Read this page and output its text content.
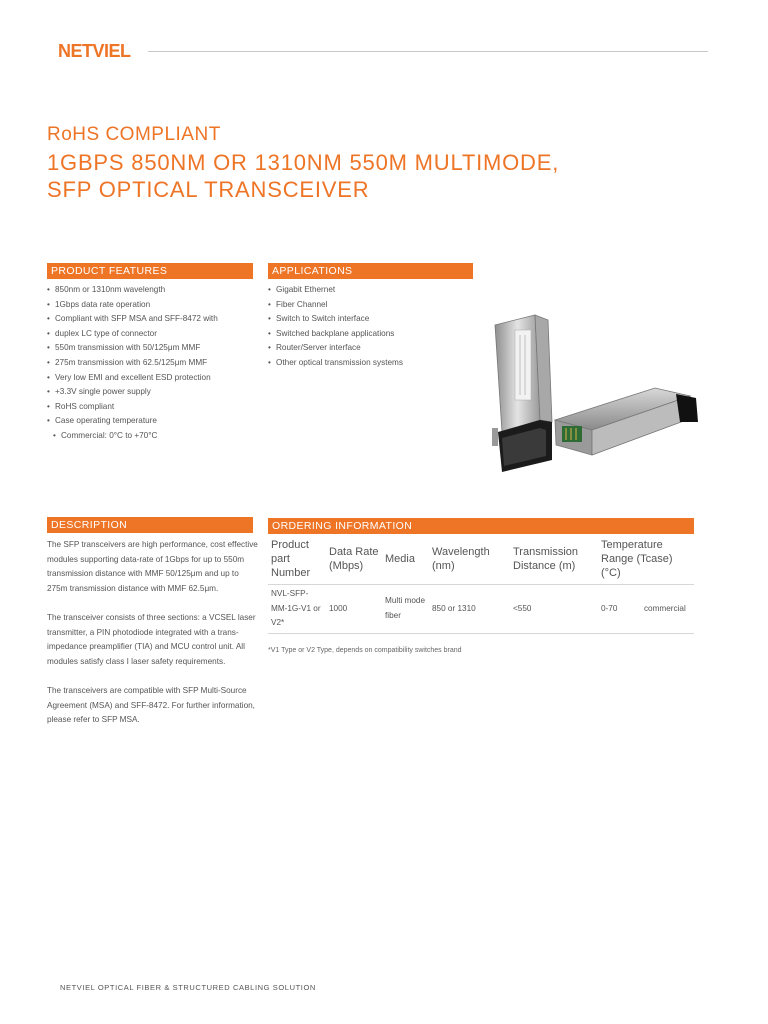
NETVIEL
RoHS COMPLIANT
1GBPS 850NM OR 1310NM 550M MULTIMODE,
SFP OPTICAL TRANSCEIVER
PRODUCT FEATURES
• 850nm or 1310nm wavelength
• 1Gbps data rate operation
• Compliant with SFP MSA and SFF-8472 with
• duplex LC type of connector
• 550m transmission with 50/125μm MMF
• 275m transmission with 62.5/125μm MMF
• Very low EMI and excellent ESD protection
• +3.3V single power supply
• RoHS compliant
• Case operating temperature
• Commercial: 0°C to +70°C
APPLICATIONS
• Gigabit Ethernet
• Fiber Channel
• Switch to Switch interface
• Switched backplane applications
• Router/Server interface
• Other optical transmission systems
DESCRIPTION

The SFP transceivers are high performance, cost effective modules supporting data-rate of 1Gbps for up to 550m transmission distance with MMF 50/125μm and up to 275m transmission distance with MMF 62.5μm.

The transceiver consists of three sections: a VCSEL laser transmitter, a PIN photodiode integrated with a trans-impedance preamplifier (TIA) and MCU control unit. All modules satisfy class I laser safety requirements.

The transceivers are compatible with SFP Multi-Source Agreement (MSA) and SFF-8472. For further information, please refer to SFP MSA.

ORDERING INFORMATION
Product part Number	Data Rate (Mbps)	Media	Wavelength (nm)	Transmission Distance (m)	Temperature Range (Tcase) (°C)
NVL-SFP-MM-1G-V1 or V2*	1000	Multi mode fiber	850 or 1310	<550	0-70 commercial
*V1 Type or V2 Type, depends on compatibility switches brand
NETVIEL OPTICAL FIBER & STRUCTURED CABLING SOLUTION
